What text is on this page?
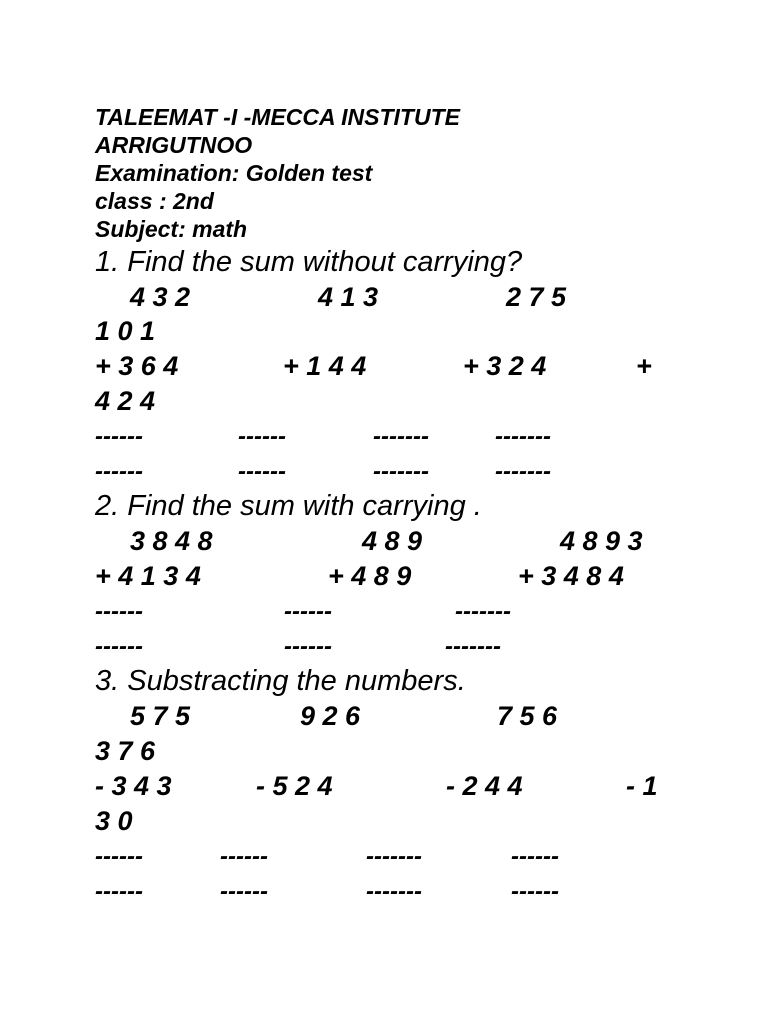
TALEEMAT -I -MECCA INSTITUTE
ARRIGUTNOO
Examination: Golden test
class : 2nd
Subject: math
1. Find the sum without carrying?
4 3 2	4 1 3	2 7 5
1 0 1
+ 3 6 4	+ 1 4 4	+ 3 2 4	+
4 2 4
------	------	-------	-------
------	------	-------	-------
2. Find the sum with carrying .
3 8 4 8	4 8 9	4 8 9 3
+ 4 1 3 4	+ 4 8 9	+ 3 4 8 4
------	------	-------
------	------	-------
3. Substracting the numbers.
5 7 5	9 2 6	7 5 6
3 7 6
- 3 4 3	- 5 2 4	- 2 4 4	- 1
3 0
------	------	-------	------
------	------	-------	------
